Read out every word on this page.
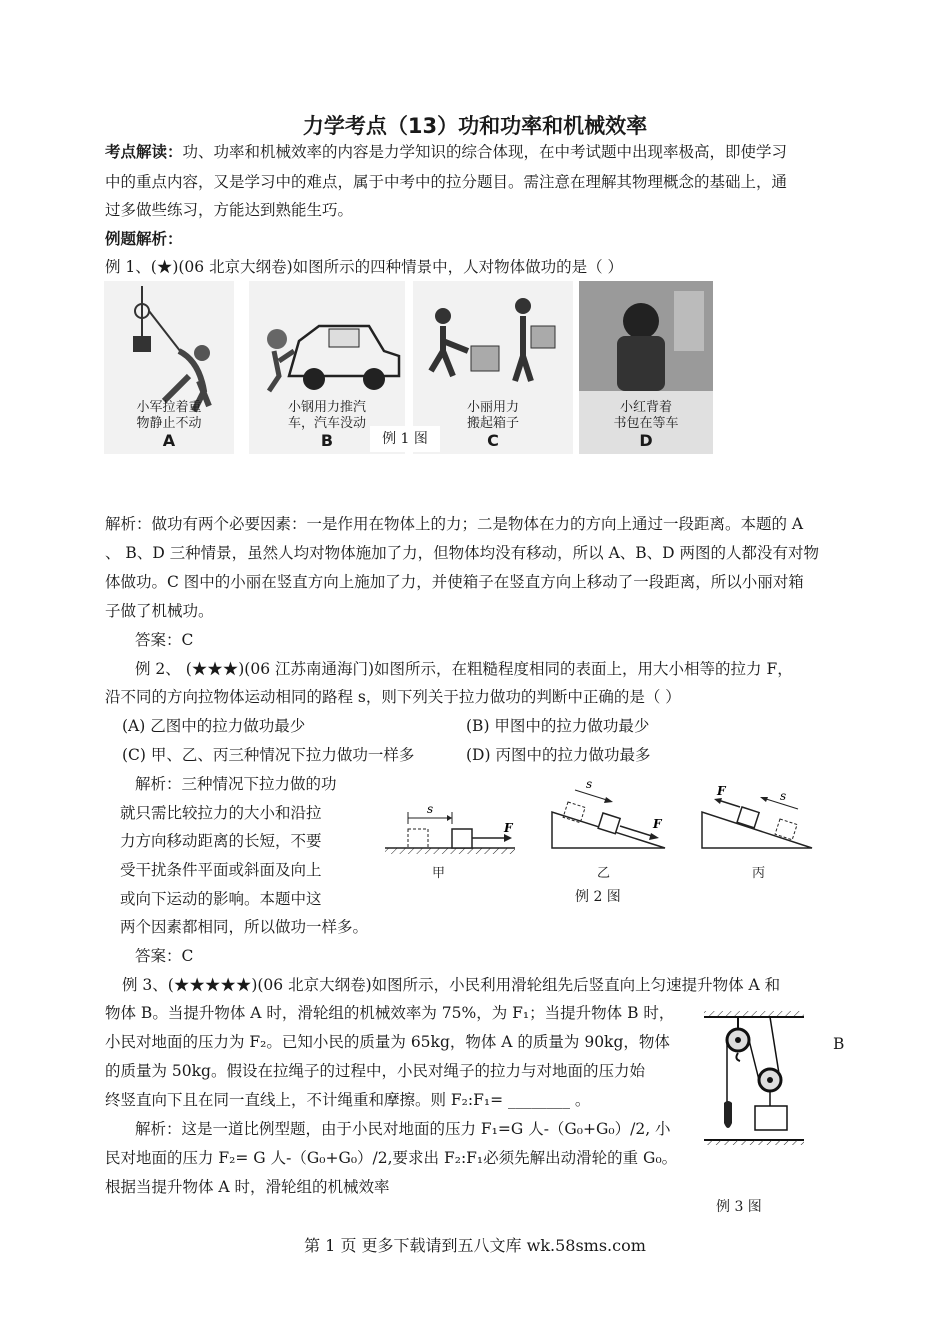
力学考点（13）功和功率和机械效率
考点解读：功、功率和机械效率的内容是力学知识的综合体现，在中考试题中出现率极高，即使学习
中的重点内容，又是学习中的难点，属于中考中的拉分题目。需注意在理解其物理概念的基础上，通
过多做些练习，方能达到熟能生巧。
例题解析：
例 1、(★)(06 北京大纲卷)如图所示的四种情景中，人对物体做功的是（ ）
小军拉着重
物静止不动
A
小钢用力推汽
车，汽车没动
B
小丽用力
搬起箱子
C
小红背着
书包在等车
D
例 1 图
解析：做功有两个必要因素：一是作用在物体上的力；二是物体在力的方向上通过一段距离。本题的 A
、 B、D 三种情景，虽然人均对物体施加了力，但物体均没有移动，所以 A、B、D 两图的人都没有对物
体做功。C 图中的小丽在竖直方向上施加了力，并使箱子在竖直方向上移动了一段距离，所以小丽对箱
子做了机械功。
答案：C
例 2、 (★★★)(06 江苏南通海门)如图所示，在粗糙程度相同的表面上，用大小相等的拉力 F，
沿不同的方向拉物体运动相同的路程 s，则下列关于拉力做功的判断中正确的是（ ）
(A) 乙图中的拉力做功最少	(B) 甲图中的拉力做功最少
(C) 甲、乙、丙三种情况下拉力做功一样多	(D) 丙图中的拉力做功最多
解析：三种情况下拉力做的功
就只需比较拉力的大小和沿拉
力方向移动距离的长短，不要
受干扰条件平面或斜面及向上
或向下运动的影响。本题中这
两个因素都相同，所以做功一样多。
答案：C
s
F
s
F
F	s
甲	乙	丙
例 2 图
例 3、(★★★★★)(06 北京大纲卷)如图所示，小民利用滑轮组先后竖直向上匀速提升物体 A 和
物体 B。当提升物体 A 时，滑轮组的机械效率为 75%，为 F₁；当提升物体 B 时，
小民对地面的压力为 F₂。已知小民的质量为 65kg，物体 A 的质量为 90kg，物体
的质量为 50kg。假设在拉绳子的过程中，小民对绳子的拉力与对地面的压力始
终竖直向下且在同一直线上，不计绳重和摩擦。则 F₂:F₁= ________ 。
解析：这是一道比例型题，由于小民对地面的压力 F₁=G 人-（G₀+G₀）/2, 小
民对地面的压力 F₂= G 人-（G₀+G₀）/2,要求出 F₂:F₁必须先解出动滑轮的重 G₀。
根据当提升物体 A 时，滑轮组的机械效率
B
例 3 图
第 1 页 更多下载请到五八文库 wk.58sms.com
